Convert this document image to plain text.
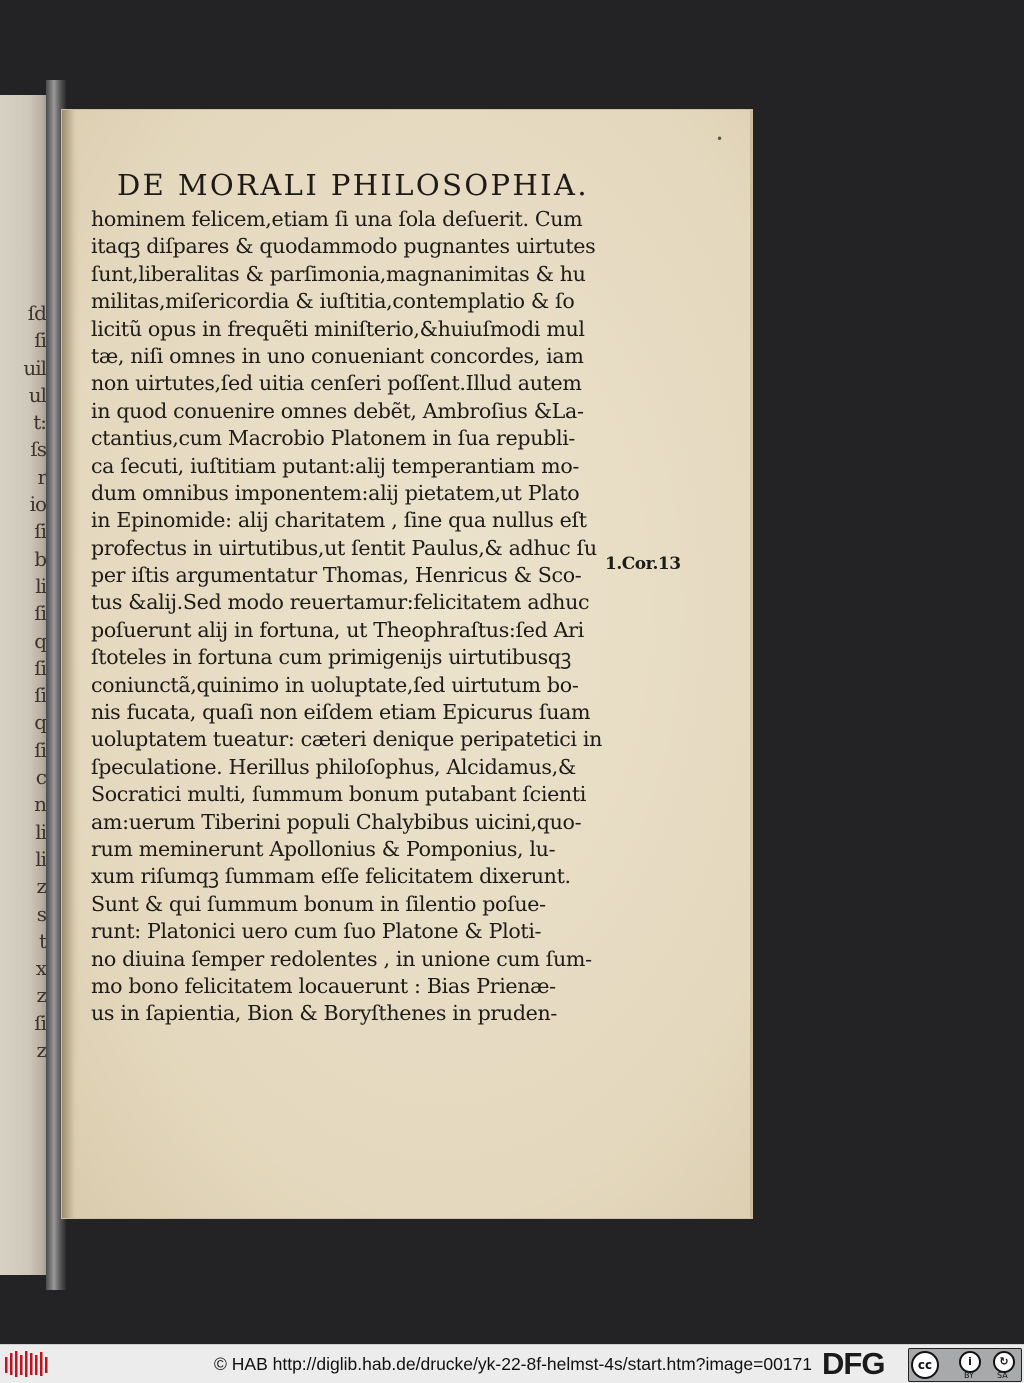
ſd
ſi
uil
ul
t:
ſs
r
io
ſi
b
li
ſi
q
ſi
ſi
q
ſi
c
n
li
li
z
s
t
x
z
ſi
z
•
DE MORALI PHILOSOPHIA.
hominem felicem,etiam ſi una ſola deſuerit. Cum
itaqꝫ diſpares & quodammodo pugnantes uirtutes
ſunt,liberalitas & parſimonia,magnanimitas & hu
militas,miſericordia & iuſtitia,contemplatio & ſo
licitũ opus in frequẽti miniſterio,&huiuſmodi mul
tæ, niſi omnes in uno conueniant concordes, iam
non uirtutes,ſed uitia cenſeri poſſent.Illud autem
in quod conuenire omnes debẽt, Ambroſius &La-
ctantius,cum Macrobio Platonem in ſua republi-
ca ſecuti, iuſtitiam putant:alij temperantiam mo-
dum omnibus imponentem:alij pietatem,ut Plato
in Epinomide: alij charitatem , ſine qua nullus eſt
profectus in uirtutibus,ut ſentit Paulus,& adhuc ſu
per iſtis argumentatur Thomas, Henricus & Sco-
tus &alij.Sed modo reuertamur:felicitatem adhuc
poſuerunt alij in fortuna, ut Theophraſtus:ſed Ari
ſtoteles in fortuna cum primigenijs uirtutibusqꝫ
coniunctã,quinimo in uoluptate,ſed uirtutum bo-
nis fucata, quaſi non eiſdem etiam Epicurus ſuam
uoluptatem tueatur: cæteri denique peripatetici in
ſpeculatione. Herillus philoſophus, Alcidamus,&
Socratici multi, ſummum bonum putabant ſcienti
am:uerum Tiberini populi Chalybibus uicini,quo-
rum meminerunt Apollonius & Pomponius, lu-
xum riſumqꝫ ſummam eſſe felicitatem dixerunt.
Sunt & qui ſummum bonum in ſilentio poſue-
runt: Platonici uero cum ſuo Platone & Ploti-
no diuina ſemper redolentes , in unione cum ſum-
mo bono felicitatem locauerunt : Bias Prienæ-
us in ſapientia, Bion & Boryſthenes in pruden-
1.Cor.13
© HAB http://diglib.hab.de/drucke/yk-22-8f-helmst-4s/start.htm?image=00171 DFG	cc	i	↻
BY	SA
